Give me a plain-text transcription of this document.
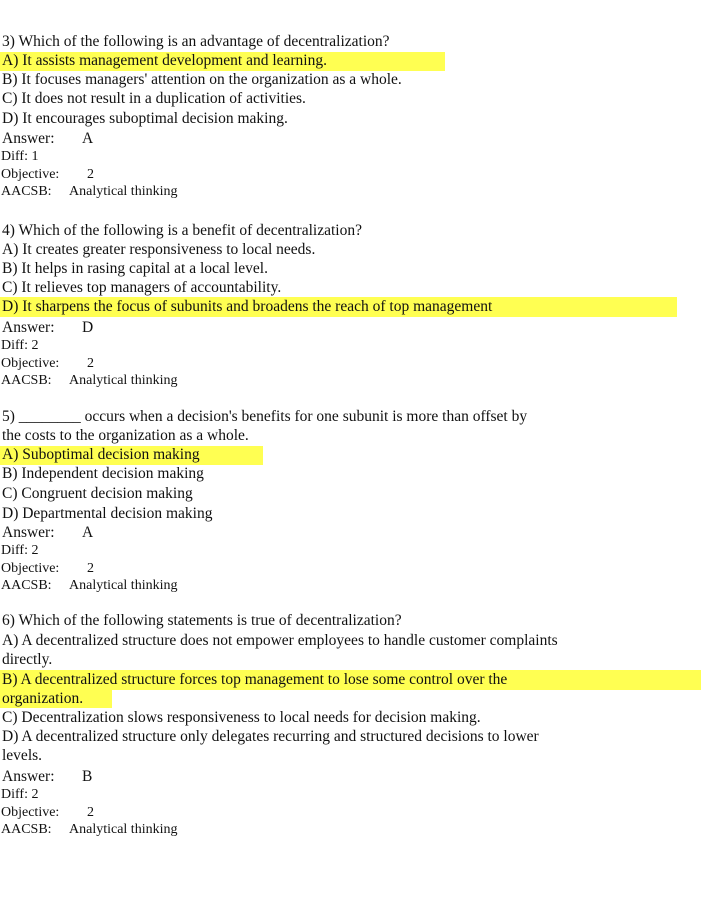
3) Which of the following is an advantage of decentralization?
A) It assists management development and learning.
B) It focuses managers' attention on the organization as a whole.
C) It does not result in a duplication of activities.
D) It encourages suboptimal decision making.
Answer: A
Diff: 1
Objective: 2
AACSB: Analytical thinking
4) Which of the following is a benefit of decentralization?
A) It creates greater responsiveness to local needs.
B) It helps in rasing capital at a local level.
C) It relieves top managers of accountability.
D) It sharpens the focus of subunits and broadens the reach of top management
Answer: D
Diff: 2
Objective: 2
AACSB: Analytical thinking
5) ________ occurs when a decision's benefits for one subunit is more than offset by
the costs to the organization as a whole.
A) Suboptimal decision making
B) Independent decision making
C) Congruent decision making
D) Departmental decision making
Answer: A
Diff: 2
Objective: 2
AACSB: Analytical thinking
6) Which of the following statements is true of decentralization?
A) A decentralized structure does not empower employees to handle customer complaints
directly.
B) A decentralized structure forces top management to lose some control over the
organization.
C) Decentralization slows responsiveness to local needs for decision making.
D) A decentralized structure only delegates recurring and structured decisions to lower
levels.
Answer: B
Diff: 2
Objective: 2
AACSB: Analytical thinking
